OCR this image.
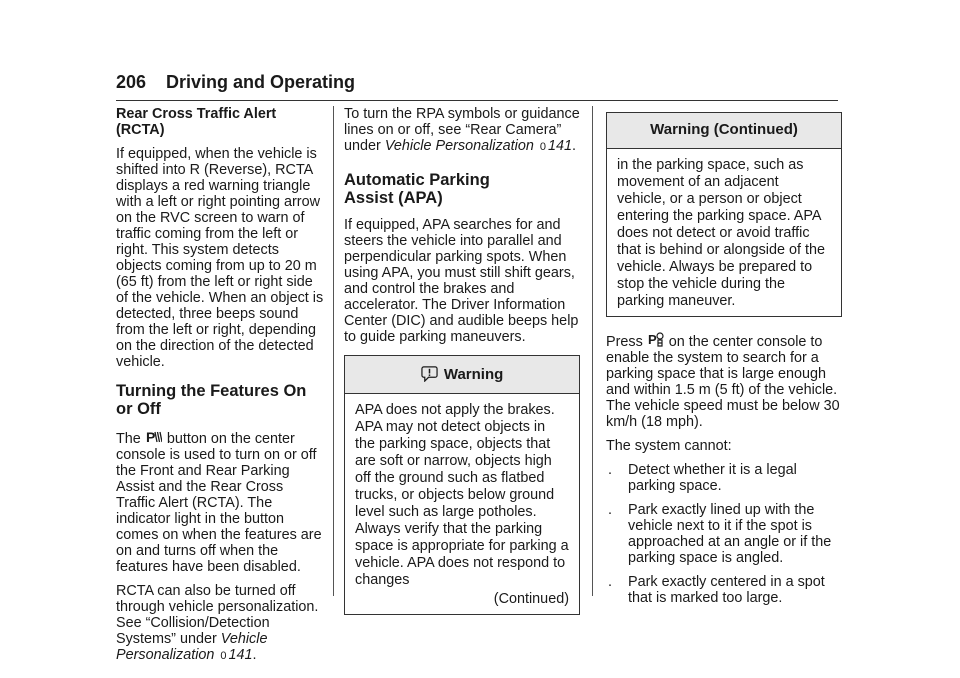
206 Driving and Operating
Rear Cross Traffic Alert (RCTA)

If equipped, when the vehicle is shifted into R (Reverse), RCTA displays a red warning triangle with a left or right pointing arrow on the RVC screen to warn of traffic coming from the left or right. This system detects objects coming from up to 20 m (65 ft) from the left or right side of the vehicle. When an object is detected, three beeps sound from the left or right, depending on the direction of the detected vehicle.

Turning the Features On or Off

The P button on the center console is used to turn on or off the Front and Rear Parking Assist and the Rear Cross Traffic Alert (RCTA). The indicator light in the button comes on when the features are on and turns off when the features have been disabled.

RCTA can also be turned off through vehicle personalization. See “Collision/Detection Systems” under Vehicle Personalization 0 141.

To turn the RPA symbols or guidance lines on or off, see “Rear Camera” under Vehicle Personalization 0 141.

Automatic Parking
Assist (APA)

If equipped, APA searches for and steers the vehicle into parallel and perpendicular parking spots. When using APA, you must still shift gears, and control the brakes and accelerator. The Driver Information Center (DIC) and audible beeps help to guide parking maneuvers.

Warning

APA does not apply the brakes. APA may not detect objects in the parking space, objects that are soft or narrow, objects high off the ground such as flatbed trucks, or objects below ground level such as large potholes. Always verify that the parking space is appropriate for parking a vehicle. APA does not respond to changes

(Continued)
Warning (Continued)

in the parking space, such as movement of an adjacent vehicle, or a person or object entering the parking space. APA does not detect or avoid traffic that is behind or alongside of the vehicle. Always be prepared to stop the vehicle during the parking maneuver.

Press P on the center console to enable the system to search for a parking space that is large enough and within 1.5 m (5 ft) of the vehicle. The vehicle speed must be below 30 km/h (18 mph).

The system cannot:

. Detect whether it is a legal parking space.
. Park exactly lined up with the vehicle next to it if the spot is approached at an angle or if the parking space is angled.
. Park exactly centered in a spot that is marked too large.
